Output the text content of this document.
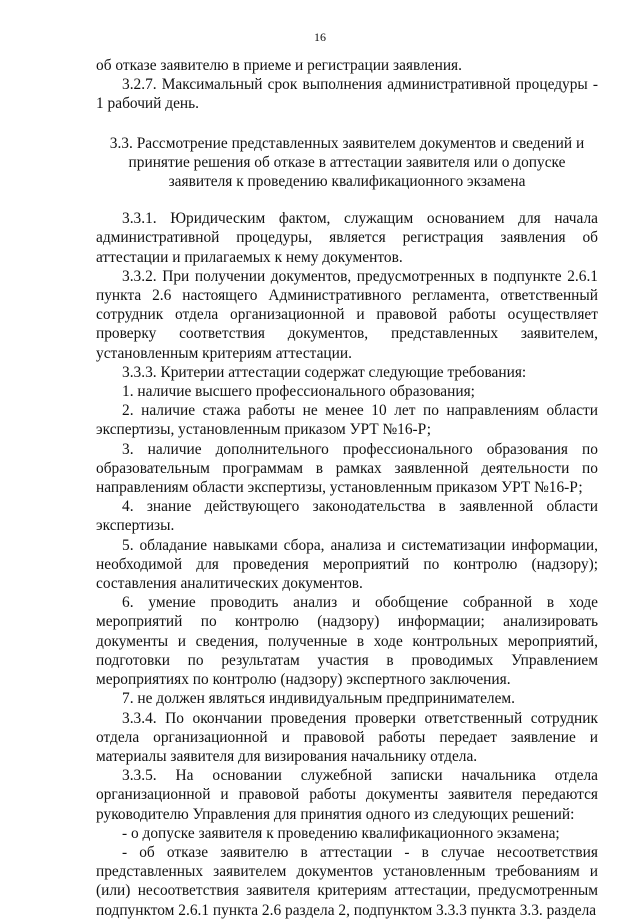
16

об отказе заявителю в приеме и регистрации заявления.

3.2.7. Максимальный срок выполнения административной процедуры - 1 рабочий день.

3.3. Рассмотрение представленных заявителем документов и сведений и принятие решения об отказе в аттестации заявителя или о допуске заявителя к проведению квалификационного экзамена

3.3.1. Юридическим фактом, служащим основанием для начала административной процедуры, является регистрация заявления об аттестации и прилагаемых к нему документов.

3.3.2. При получении документов, предусмотренных в подпункте 2.6.1 пункта 2.6 настоящего Административного регламента, ответственный сотрудник отдела организационной и правовой работы осуществляет проверку соответствия документов, представленных заявителем, установленным критериям аттестации.

3.3.3. Критерии аттестации содержат следующие требования:

1. наличие высшего профессионального образования;

2. наличие стажа работы не менее 10 лет по направлениям области экспертизы, установленным приказом УРТ №16-Р;

3. наличие дополнительного профессионального образования по образовательным программам в рамках заявленной деятельности по направлениям области экспертизы, установленным приказом УРТ №16-Р;

4. знание действующего законодательства в заявленной области экспертизы.

5. обладание навыками сбора, анализа и систематизации информации, необходимой для проведения мероприятий по контролю (надзору); составления аналитических документов.

6. умение проводить анализ и обобщение собранной в ходе мероприятий по контролю (надзору) информации; анализировать документы и сведения, полученные в ходе контрольных мероприятий, подготовки по результатам участия в проводимых Управлением мероприятиях по контролю (надзору) экспертного заключения.

7. не должен являться индивидуальным предпринимателем.

3.3.4. По окончании проведения проверки ответственный сотрудник отдела организационной и правовой работы передает заявление и материалы заявителя для визирования начальнику отдела.

3.3.5. На основании служебной записки начальника отдела организационной и правовой работы документы заявителя передаются руководителю Управления для принятия одного из следующих решений:

- о допуске заявителя к проведению квалификационного экзамена;

- об отказе заявителю в аттестации - в случае несоответствия представленных заявителем документов установленным требованиям и (или) несоответствия заявителя критериям аттестации, предусмотренным подпунктом 2.6.1 пункта 2.6 раздела 2, подпунктом 3.3.3 пункта 3.3. раздела
